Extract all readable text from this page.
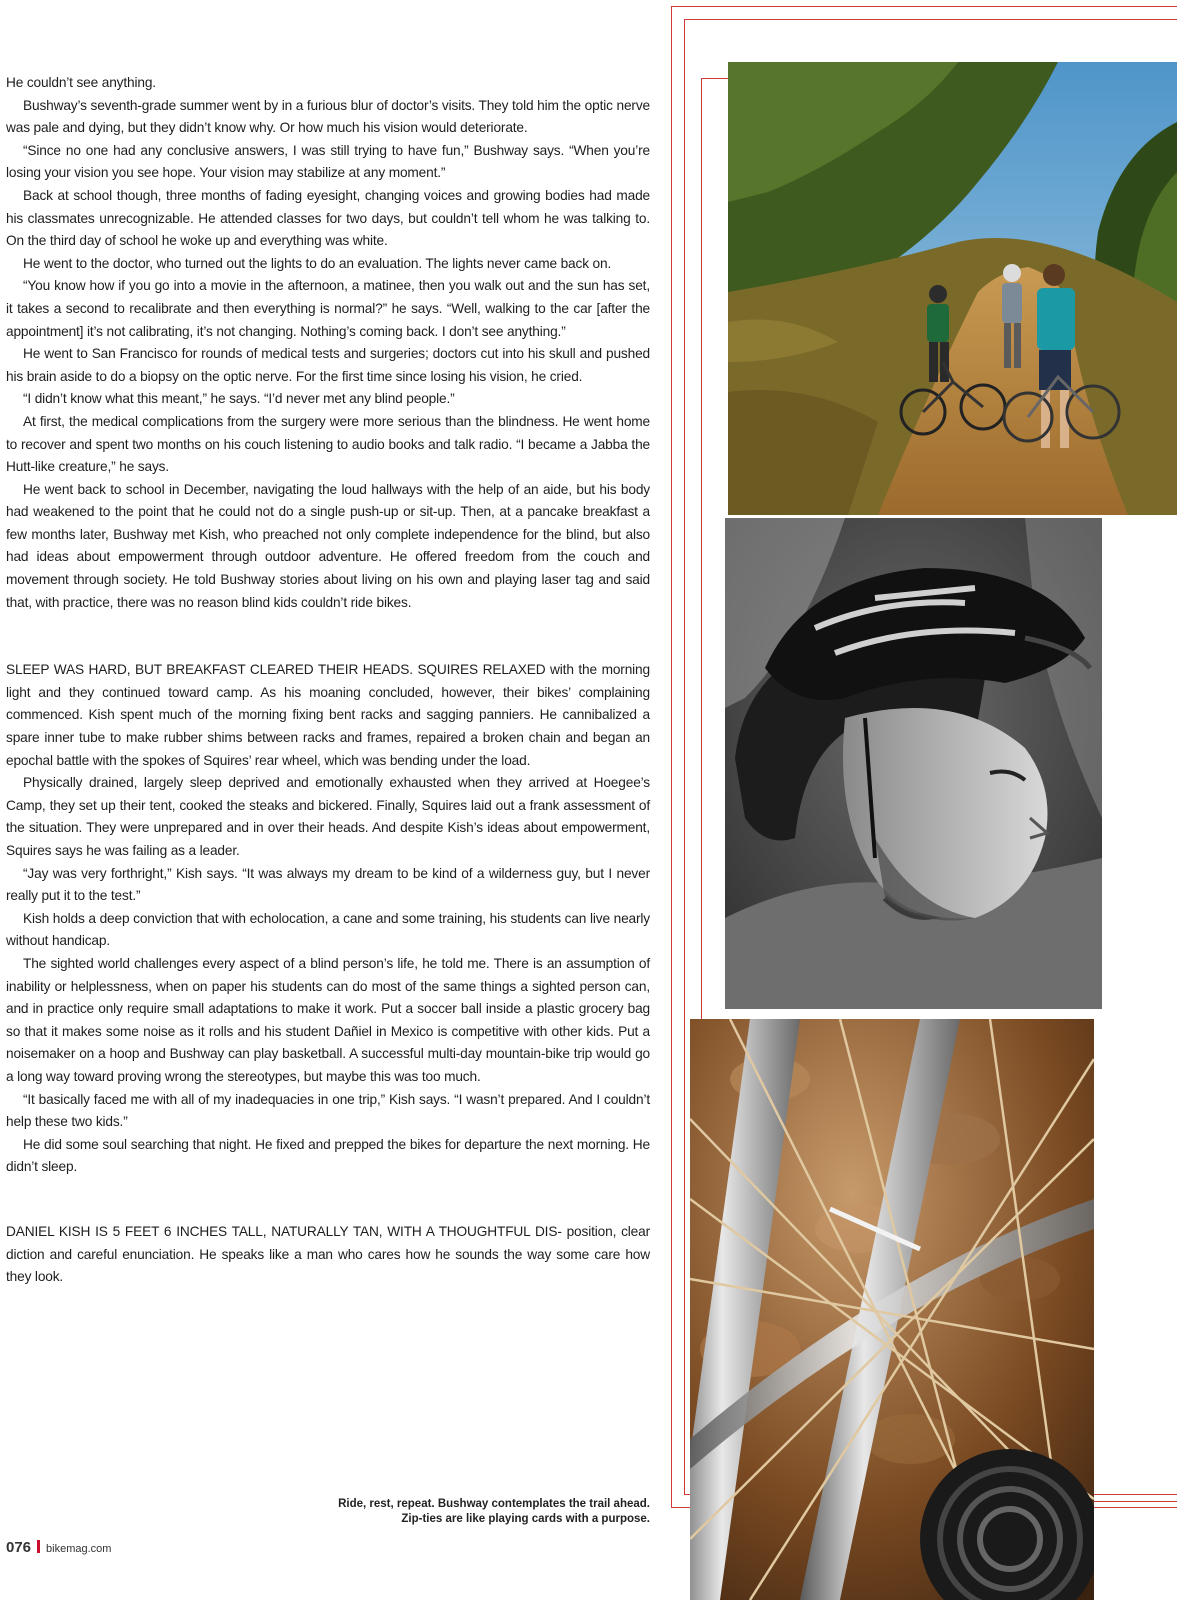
He couldn’t see anything.

Bushway’s seventh-grade summer went by in a furious blur of doctor’s visits. They told him the optic nerve was pale and dying, but they didn’t know why. Or how much his vision would deteriorate.

“Since no one had any conclusive answers, I was still trying to have fun,” Bushway says. “When you’re losing your vision you see hope. Your vision may stabilize at any moment.”

Back at school though, three months of fading eyesight, changing voices and growing bodies had made his classmates unrecognizable. He attended classes for two days, but couldn’t tell whom he was talking to. On the third day of school he woke up and everything was white.

He went to the doctor, who turned out the lights to do an evaluation. The lights never came back on.

“You know how if you go into a movie in the afternoon, a matinee, then you walk out and the sun has set, it takes a second to recalibrate and then everything is normal?” he says. “Well, walking to the car [after the appointment] it’s not calibrating, it’s not changing. Nothing’s coming back. I don’t see anything.”

He went to San Francisco for rounds of medical tests and surgeries; doctors cut into his skull and pushed his brain aside to do a biopsy on the optic nerve. For the first time since losing his vision, he cried.

“I didn’t know what this meant,” he says. “I’d never met any blind people.”

At first, the medical complications from the surgery were more serious than the blindness. He went home to recover and spent two months on his couch listening to audio books and talk radio. “I became a Jabba the Hutt-like creature,” he says.

He went back to school in December, navigating the loud hallways with the help of an aide, but his body had weakened to the point that he could not do a single push-up or sit-up. Then, at a pancake breakfast a few months later, Bushway met Kish, who preached not only complete independence for the blind, but also had ideas about empowerment through outdoor adventure. He offered freedom from the couch and movement through society. He told Bushway stories about living on his own and playing laser tag and said that, with practice, there was no reason blind kids couldn’t ride bikes.

SLEEP WAS HARD, BUT BREAKFAST CLEARED THEIR HEADS. SQUIRES RELAXED with the morning light and they continued toward camp. As his moaning concluded, however, their bikes’ complaining commenced. Kish spent much of the morning fixing bent racks and sagging panniers. He cannibalized a spare inner tube to make rubber shims between racks and frames, repaired a broken chain and began an epochal battle with the spokes of Squires’ rear wheel, which was bending under the load.

Physically drained, largely sleep deprived and emotionally exhausted when they arrived at Hoegee’s Camp, they set up their tent, cooked the steaks and bickered. Finally, Squires laid out a frank assessment of the situation. They were unprepared and in over their heads. And despite Kish’s ideas about empowerment, Squires says he was failing as a leader.

“Jay was very forthright,” Kish says. “It was always my dream to be kind of a wilderness guy, but I never really put it to the test.”

Kish holds a deep conviction that with echolocation, a cane and some training, his students can live nearly without handicap.

The sighted world challenges every aspect of a blind person’s life, he told me. There is an assumption of inability or helplessness, when on paper his students can do most of the same things a sighted person can, and in practice only require small adaptations to make it work. Put a soccer ball inside a plastic grocery bag so that it makes some noise as it rolls and his student Dañiel in Mexico is competitive with other kids. Put a noisemaker on a hoop and Bushway can play basketball. A successful multi-day mountain-bike trip would go a long way toward proving wrong the stereotypes, but maybe this was too much.

“It basically faced me with all of my inadequacies in one trip,” Kish says. “I wasn’t prepared. And I couldn’t help these two kids.”

He did some soul searching that night. He fixed and prepped the bikes for departure the next morning. He didn’t sleep.

DANIEL KISH IS 5 FEET 6 INCHES TALL, NATURALLY TAN, WITH A THOUGHTFUL DIS- position, clear diction and careful enunciation. He speaks like a man who cares how he sounds the way some care how they look.

Ride, rest, repeat. Bushway contemplates the trail ahead.
Zip-ties are like playing cards with a purpose.
076 bikemag.com
